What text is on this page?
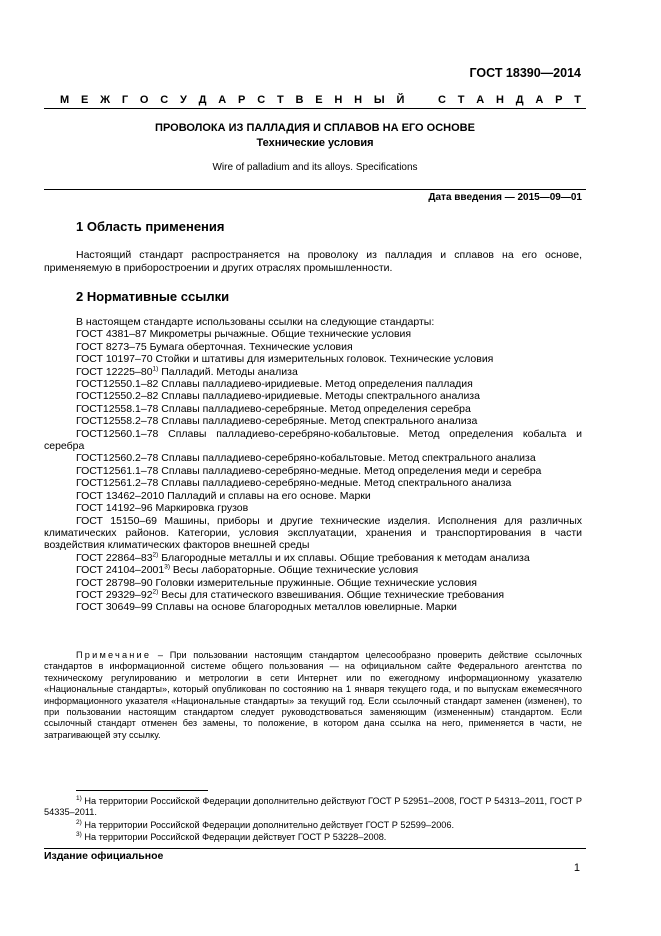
ГОСТ 18390—2014
М Е Ж Г О С У Д А Р С Т В Е Н Н Ы Й	С Т А Н Д А Р Т
ПРОВОЛОКА ИЗ ПАЛЛАДИЯ И СПЛАВОВ НА ЕГО ОСНОВЕ
Технические условия
Wire of palladium and its alloys. Specifications
Дата введения — 2015—09—01
1 Область применения

Настоящий стандарт распространяется на проволоку из палладия и сплавов на его основе, применяемую в приборостроении и других отраслях промышленности.

2 Нормативные ссылки
В настоящем стандарте использованы ссылки на следующие стандарты:
ГОСТ 4381–87 Микрометры рычажные. Общие технические условия
ГОСТ 8273–75 Бумага оберточная. Технические условия
ГОСТ 10197–70 Стойки и штативы для измерительных головок. Технические условия
ГОСТ 12225–80$^{1)}$ Палладий. Методы анализа
ГОСТ12550.1–82 Сплавы палладиево-иридиевые. Метод определения палладия
ГОСТ12550.2–82 Сплавы палладиево-иридиевые. Методы спектрального анализа
ГОСТ12558.1–78 Сплавы палладиево-серебряные. Метод определения серебра
ГОСТ12558.2–78 Сплавы палладиево-серебряные. Метод спектрального анализа
ГОСТ12560.1–78 Сплавы палладиево-серебряно-кобальтовые. Метод определения кобальта и серебра
ГОСТ12560.2–78 Сплавы палладиево-серебряно-кобальтовые. Метод спектрального анализа
ГОСТ12561.1–78 Сплавы палладиево-серебряно-медные. Метод определения меди и серебра
ГОСТ12561.2–78 Сплавы палладиево-серебряно-медные. Метод спектрального анализа
ГОСТ 13462–2010 Палладий и сплавы на его основе. Марки
ГОСТ 14192–96 Маркировка грузов
ГОСТ 15150–69 Машины, приборы и другие технические изделия. Исполнения для различных климатических районов. Категории, условия эксплуатации, хранения и транспортирования в части воздействия климатических факторов внешней среды
ГОСТ 22864–83$^{2)}$ Благородные металлы и их сплавы. Общие требования к методам анализа
ГОСТ 24104–2001$^{3)}$ Весы лабораторные. Общие технические условия
ГОСТ 28798–90 Головки измерительные пружинные. Общие технические условия
ГОСТ 29329–92$^{2)}$ Весы для статического взвешивания. Общие технические требования
ГОСТ 30649–99 Сплавы на основе благородных металлов ювелирные. Марки

Примечание – При пользовании настоящим стандартом целесообразно проверить действие ссылочных стандартов в информационной системе общего пользования — на официальном сайте Федерального агентства по техническому регулированию и метрологии в сети Интернет или по ежегодному информационному указателю «Национальные стандарты», который опубликован по состоянию на 1 января текущего года, и по выпускам ежемесячного информационного указателя «Национальные стандарты» за текущий год. Если ссылочный стандарт заменен (изменен), то при пользовании настоящим стандартом следует руководствоваться заменяющим (измененным) стандартом. Если ссылочный стандарт отменен без замены, то положение, в котором дана ссылка на него, применяется в части, не затрагивающей эту ссылку.

$^{1)}$ На территории Российской Федерации дополнительно действуют ГОСТ Р 52951–2008, ГОСТ Р 54313–2011, ГОСТ Р 54335–2011.

$^{2)}$ На территории Российской Федерации дополнительно действует ГОСТ Р 52599–2006.

$^{3)}$ На территории Российской Федерации действует ГОСТ Р 53228–2008.

Издание официальное
1
